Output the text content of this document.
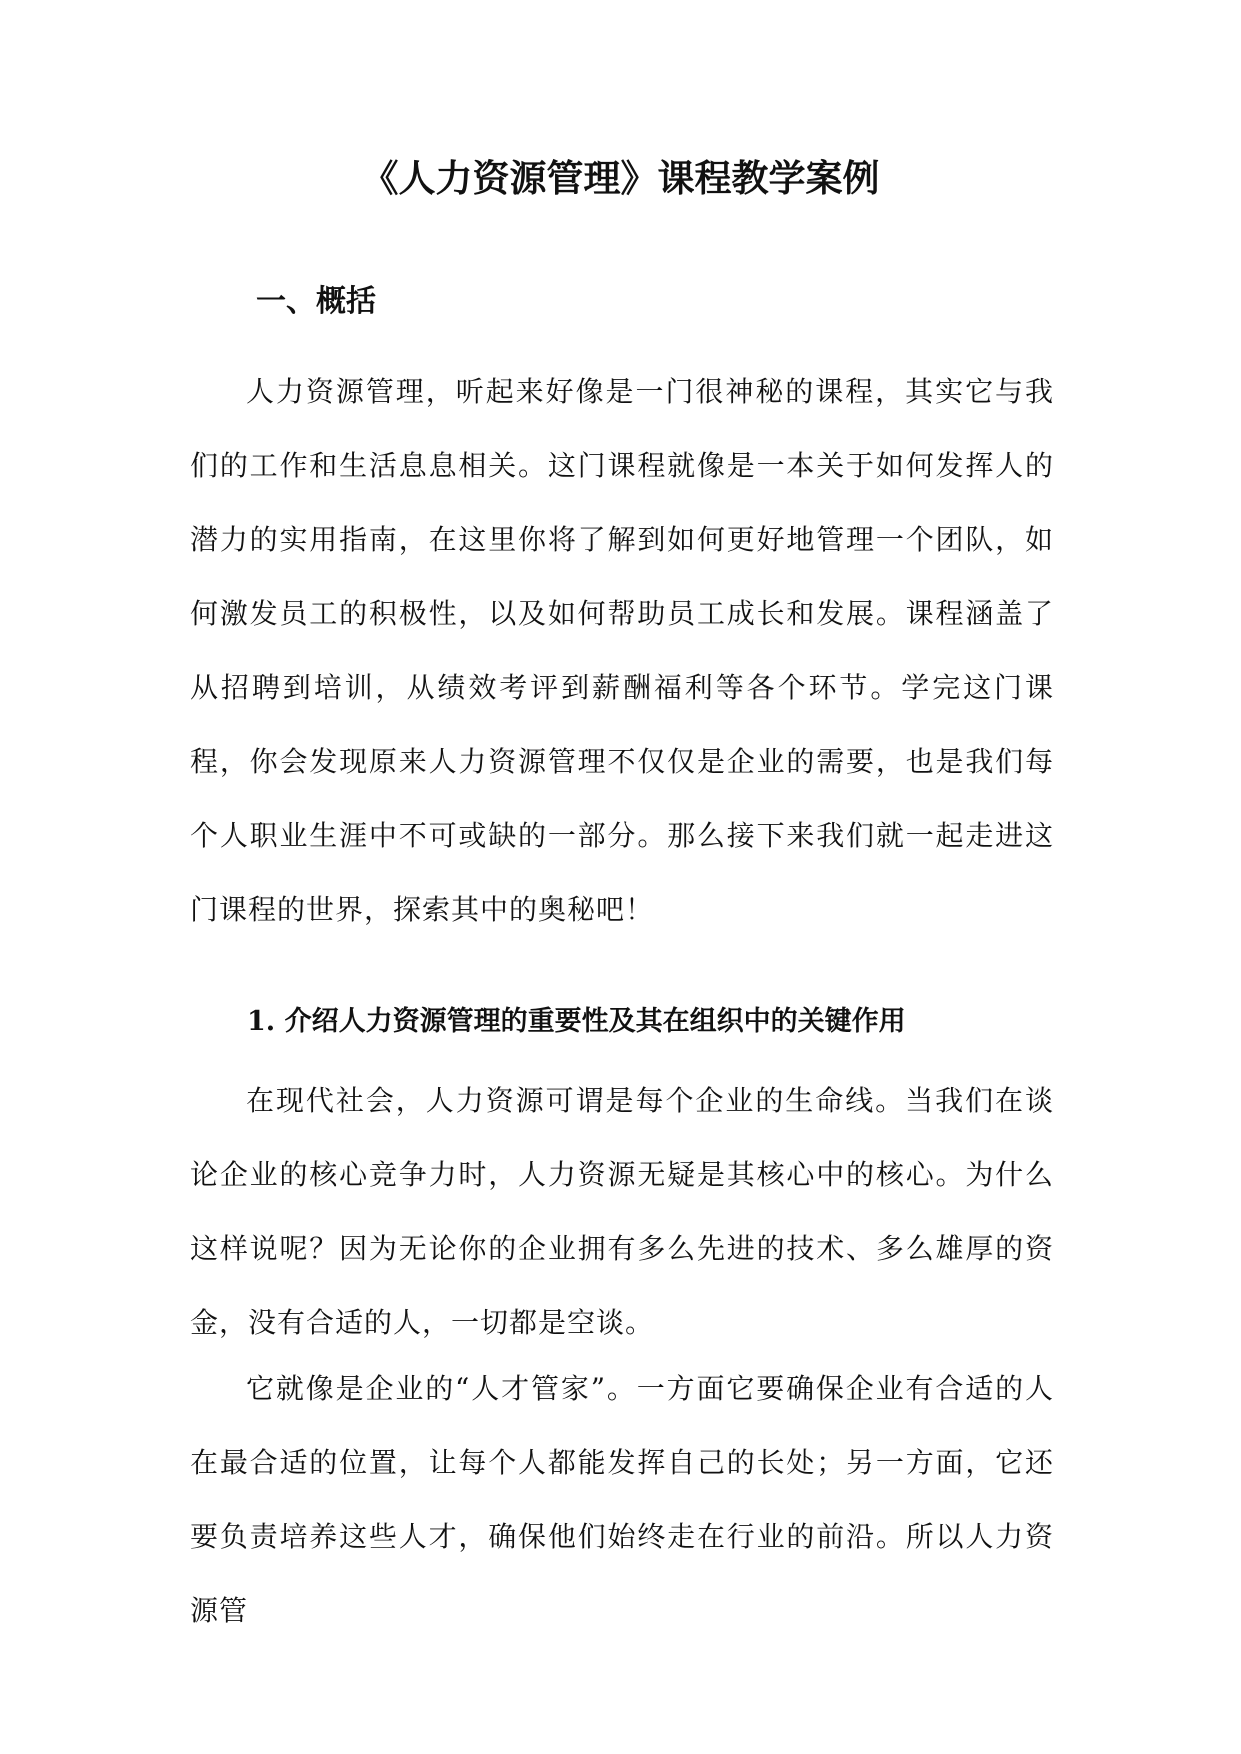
《人力资源管理》课程教学案例
一、概括

人力资源管理，听起来好像是一门很神秘的课程，其实它与我们的工作和生活息息相关。这门课程就像是一本关于如何发挥人的潜力的实用指南，在这里你将了解到如何更好地管理一个团队，如何激发员工的积极性，以及如何帮助员工成长和发展。课程涵盖了从招聘到培训，从绩效考评到薪酬福利等各个环节。学完这门课程，你会发现原来人力资源管理不仅仅是企业的需要，也是我们每个人职业生涯中不可或缺的一部分。那么接下来我们就一起走进这门课程的世界，探索其中的奥秘吧！

1. 介绍人力资源管理的重要性及其在组织中的关键作用

在现代社会，人力资源可谓是每个企业的生命线。当我们在谈论企业的核心竞争力时，人力资源无疑是其核心中的核心。为什么这样说呢？因为无论你的企业拥有多么先进的技术、多么雄厚的资金，没有合适的人，一切都是空谈。

它就像是企业的“人才管家”。一方面它要确保企业有合适的人在最合适的位置，让每个人都能发挥自己的长处；另一方面，它还要负责培养这些人才，确保他们始终走在行业的前沿。所以人力资源管
